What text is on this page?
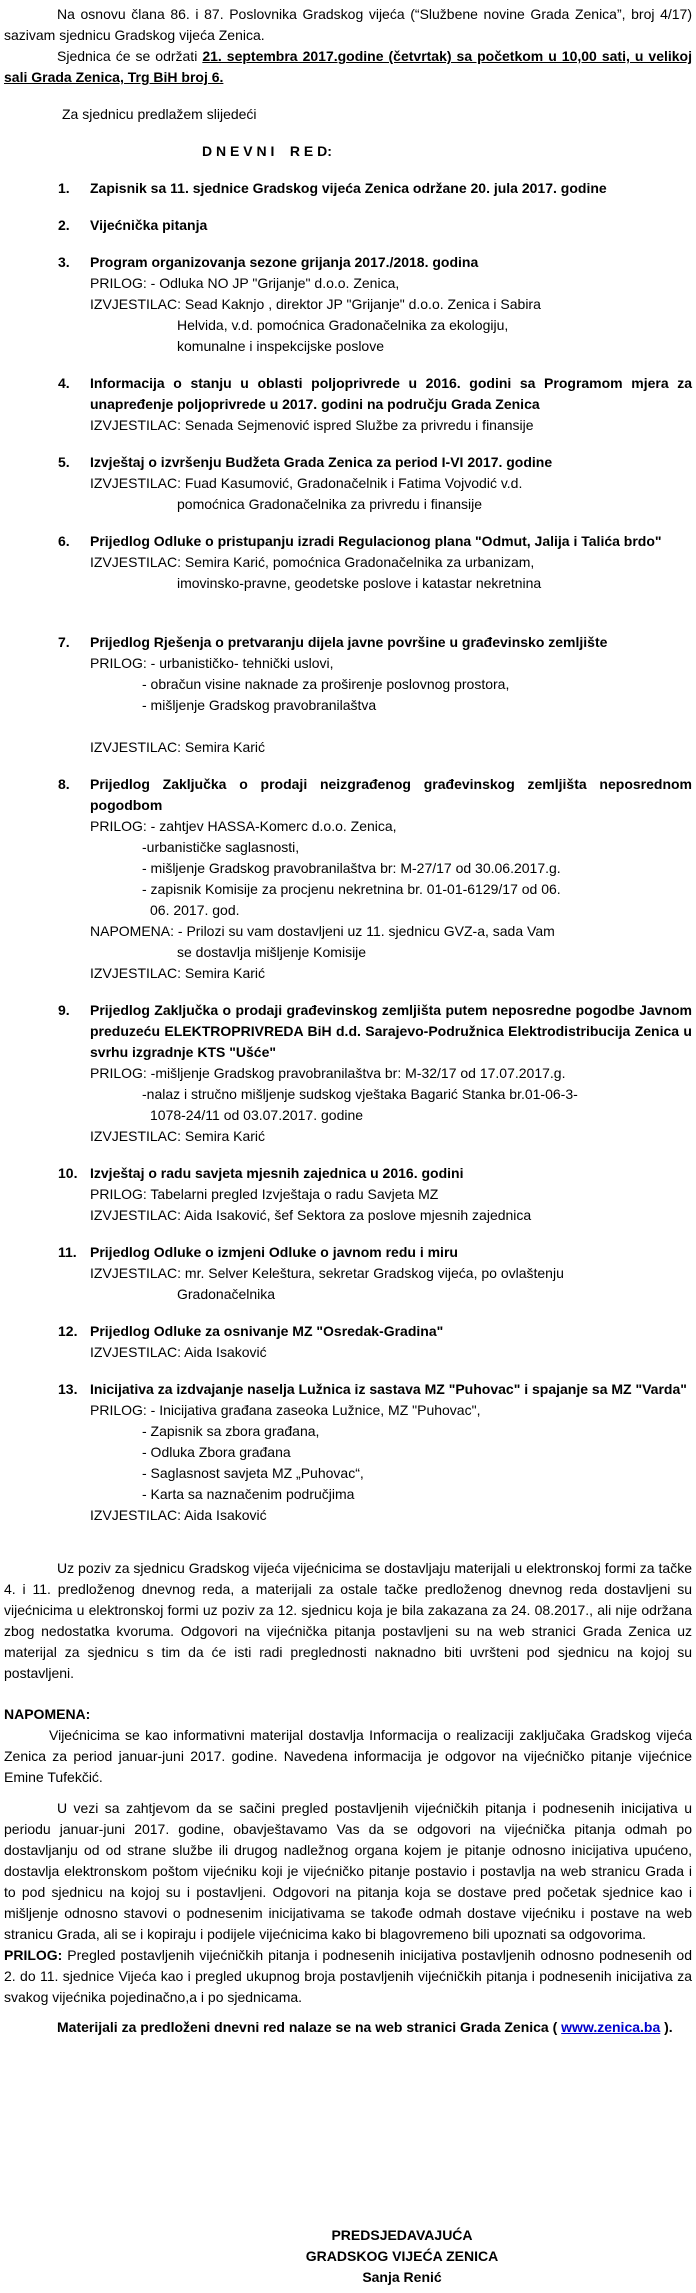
Na osnovu člana 86. i 87. Poslovnika Gradskog vijeća (“Službene novine Grada Zenica”, broj 4/17) sazivam sjednicu Gradskog vijeća Zenica.

Sjednica će se održati 21. septembra 2017.godine (četvrtak) sa početkom u 10,00 sati, u velikoj sali Grada Zenica, Trg BiH broj 6.

Za sjednicu predlažem slijedeći

D N E V N I    R E D:
1.	Zapisnik sa 11. sjednice Gradskog vijeća Zenica održane 20. jula 2017. godine
2.	Vijećnička pitanja
3.	Program organizovanja sezone grijanja 2017./2018. godina
PRILOG: - Odluka NO JP "Grijanje" d.o.o. Zenica,
IZVJESTILAC: Sead Kaknjo , direktor JP "Grijanje" d.o.o. Zenica i Sabira
Helvida, v.d. pomoćnica Gradonačelnika za ekologiju,
komunalne i inspekcijske poslove
4.	Informacija o stanju u oblasti poljoprivrede u 2016. godini sa Programom mjera za unapređenje poljoprivrede u 2017. godini na području Grada Zenica
IZVJESTILAC: Senada Sejmenović ispred Službe za privredu i finansije
5.	Izvještaj o izvršenju Budžeta Grada Zenica za period I-VI 2017. godine
IZVJESTILAC: Fuad Kasumović, Gradonačelnik i Fatima Vojvodić v.d.
pomoćnica Gradonačelnika za privredu i finansije
6.	Prijedlog Odluke o pristupanju izradi Regulacionog plana "Odmut, Jalija i Talića brdo"
IZVJESTILAC: Semira Karić, pomoćnica Gradonačelnika za urbanizam,
imovinsko-pravne, geodetske poslove i katastar nekretnina
7.	Prijedlog Rješenja o pretvaranju dijela javne površine u građevinsko zemljište
PRILOG: - urbanističko- tehnički uslovi,
- obračun visine naknade za proširenje poslovnog prostora,
- mišljenje Gradskog pravobranilaštva
IZVJESTILAC: Semira Karić
8.	Prijedlog Zaključka o prodaji neizgrađenog građevinskog zemljišta neposrednom pogodbom
PRILOG: - zahtjev HASSA-Komerc d.o.o. Zenica,
-urbanističke saglasnosti,
- mišljenje Gradskog pravobranilaštva br: M-27/17 od 30.06.2017.g.
- zapisnik Komisije za procjenu nekretnina br. 01-01-6129/17 od 06.
06. 2017. god.
NAPOMENA: - Prilozi su vam dostavljeni uz 11. sjednicu GVZ-a, sada Vam
se dostavlja mišljenje Komisije
IZVJESTILAC: Semira Karić
9.	Prijedlog Zaključka o prodaji građevinskog zemljišta putem neposredne pogodbe Javnom preduzeću ELEKTROPRIVREDA BiH d.d. Sarajevo-Podružnica Elektrodistribucija Zenica u svrhu izgradnje KTS "Ušće"
PRILOG: -mišljenje Gradskog pravobranilaštva br: M-32/17 od 17.07.2017.g.
-nalaz i stručno mišljenje sudskog vještaka Bagarić Stanka br.01-06-3-
1078-24/11 od 03.07.2017. godine
IZVJESTILAC: Semira Karić
10. Izvještaj o radu savjeta mjesnih zajednica u 2016. godini
PRILOG: Tabelarni pregled Izvještaja o radu Savjeta MZ
IZVJESTILAC: Aida Isaković, šef Sektora za poslove mjesnih zajednica
11. Prijedlog Odluke o izmjeni Odluke o javnom redu i miru
IZVJESTILAC: mr. Selver Keleštura, sekretar Gradskog vijeća, po ovlaštenju
Gradonačelnika
12. Prijedlog Odluke za osnivanje MZ "Osredak-Gradina"
IZVJESTILAC: Aida Isaković
13. Inicijativa za izdvajanje naselja Lužnica iz sastava MZ "Puhovac" i spajanje sa MZ "Varda"
PRILOG: - Inicijativa građana zaseoka Lužnice, MZ "Puhovac",
- Zapisnik sa zbora građana,
- Odluka Zbora građana
- Saglasnost savjeta MZ „Puhovac“,
- Karta sa naznačenim područjima
IZVJESTILAC: Aida Isaković

Uz poziv za sjednicu Gradskog vijeća vijećnicima se dostavljaju materijali u elektronskoj formi za tačke 4. i 11. predloženog dnevnog reda, a materijali za ostale tačke predloženog dnevnog reda dostavljeni su vijećnicima u elektronskoj formi uz poziv za 12. sjednicu koja je bila zakazana za 24. 08.2017., ali nije održana zbog nedostatka kvoruma. Odgovori na vijećnička pitanja postavljeni su na web stranici Grada Zenica uz materijal za sjednicu s tim da će isti radi preglednosti naknadno biti uvršteni pod sjednicu na kojoj su postavljeni.

NAPOMENA:

Vijećnicima se kao informativni materijal dostavlja Informacija o realizaciji zaključaka Gradskog vijeća Zenica za period januar-juni 2017. godine. Navedena informacija je odgovor na vijećničko pitanje vijećnice Emine Tufekčić.

U vezi sa zahtjevom da se sačini pregled postavljenih vijećničkih pitanja i podnesenih inicijativa u periodu januar-juni 2017. godine, obavještavamo Vas da se odgovori na vijećnička pitanja odmah po dostavljanju od od strane službe ili drugog nadležnog organa kojem je pitanje odnosno inicijativa upućeno, dostavlja elektronskom poštom vijećniku koji je vijećničko pitanje postavio i postavlja na web stranicu Grada i to pod sjednicu na kojoj su i postavljeni. Odgovori na pitanja koja se dostave pred početak sjednice kao i mišljenje odnosno stavovi o podnesenim inicijativama se takođe odmah dostave vijećniku i postave na web stranicu Grada, ali se i kopiraju i podijele vijećnicima kako bi blagovremeno bili upoznati sa odgovorima.

PRILOG: Pregled postavljenih vijećničkih pitanja i podnesenih inicijativa postavljenih odnosno podnesenih od 2. do 11. sjednice Vijeća kao i pregled ukupnog broja postavljenih vijećničkih pitanja i podnesenih inicijativa za svakog vijećnika pojedinačno,a i po sjednicama.

Materijali za predloženi dnevni red nalaze se na web stranici Grada Zenica ( www.zenica.ba ).

PREDSJEDAVAJUĆA
GRADSKOG VIJEĆA ZENICA
Sanja Renić
